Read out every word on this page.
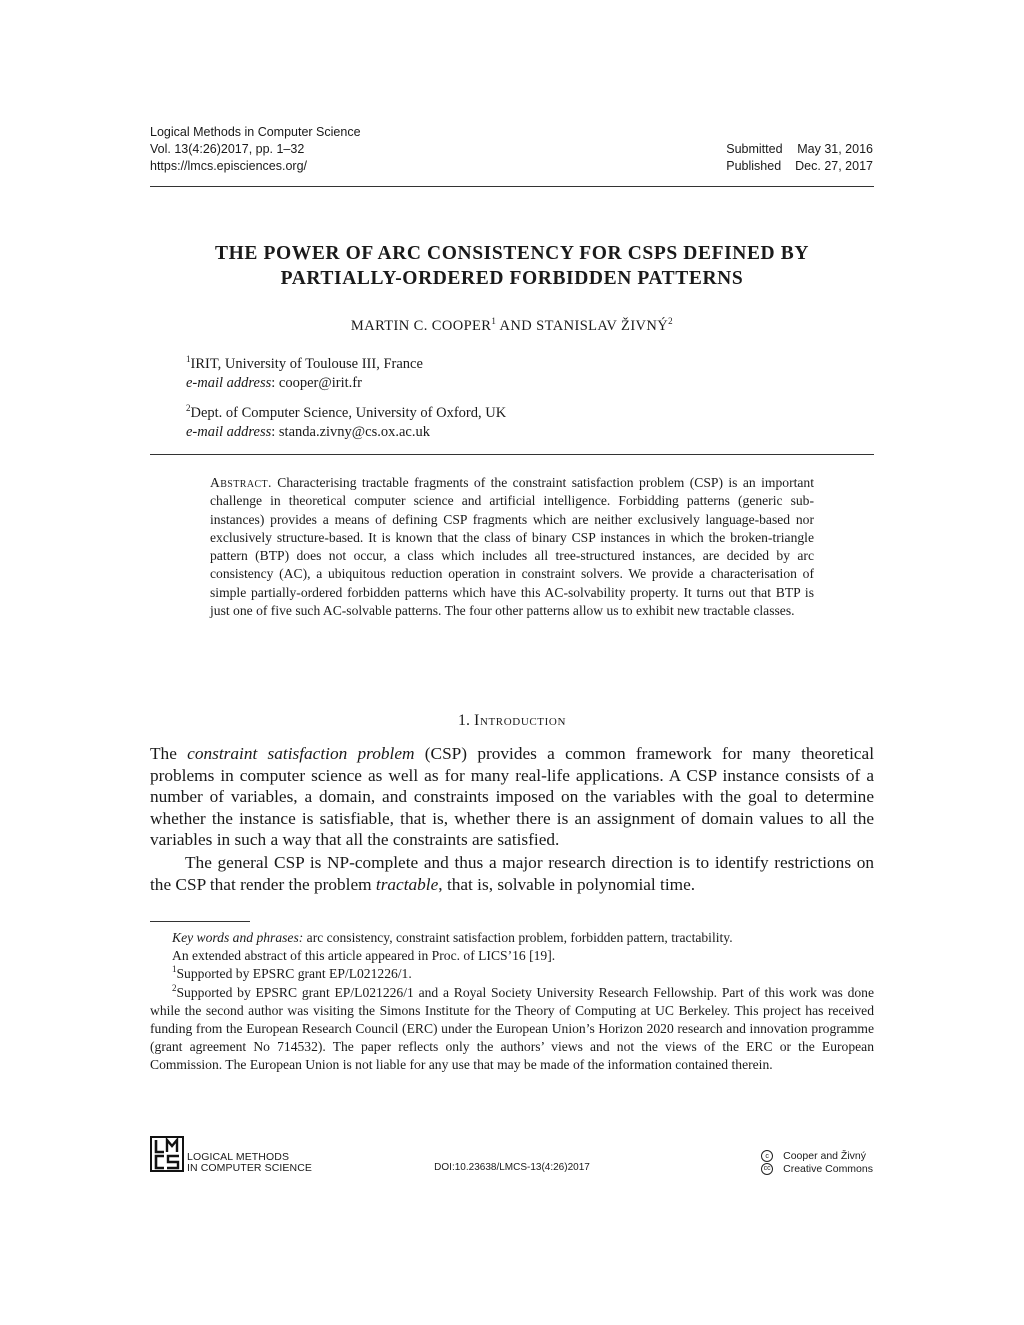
Logical Methods in Computer Science
Vol. 13(4:26)2017, pp. 1–32
https://lmcs.episciences.org/
Submitted May 31, 2016
Published Dec. 27, 2017
THE POWER OF ARC CONSISTENCY FOR CSPS DEFINED BY
PARTIALLY-ORDERED FORBIDDEN PATTERNS
MARTIN C. COOPER$^1$ AND STANISLAV ŽIVNÝ$^2$
$^1$IRIT, University of Toulouse III, France
e-mail address: cooper@irit.fr
$^2$Dept. of Computer Science, University of Oxford, UK
e-mail address: standa.zivny@cs.ox.ac.uk
Abstract. Characterising tractable fragments of the constraint satisfaction problem (CSP) is an important challenge in theoretical computer science and artificial intelligence. Forbidding patterns (generic sub-instances) provides a means of defining CSP fragments which are neither exclusively language-based nor exclusively structure-based. It is known that the class of binary CSP instances in which the broken-triangle pattern (BTP) does not occur, a class which includes all tree-structured instances, are decided by arc consistency (AC), a ubiquitous reduction operation in constraint solvers. We provide a characterisation of simple partially-ordered forbidden patterns which have this AC-solvability property. It turns out that BTP is just one of five such AC-solvable patterns. The four other patterns allow us to exhibit new tractable classes.
1. Introduction
The constraint satisfaction problem (CSP) provides a common framework for many theoretical problems in computer science as well as for many real-life applications. A CSP instance consists of a number of variables, a domain, and constraints imposed on the variables with the goal to determine whether the instance is satisfiable, that is, whether there is an assignment of domain values to all the variables in such a way that all the constraints are satisfied.
The general CSP is NP-complete and thus a major research direction is to identify restrictions on the CSP that render the problem tractable, that is, solvable in polynomial time.

Key words and phrases: arc consistency, constraint satisfaction problem, forbidden pattern, tractability.

An extended abstract of this article appeared in Proc. of LICS’16 [19].

$^1$Supported by EPSRC grant EP/L021226/1.

$^2$Supported by EPSRC grant EP/L021226/1 and a Royal Society University Research Fellowship. Part of this work was done while the second author was visiting the Simons Institute for the Theory of Computing at UC Berkeley. This project has received funding from the European Research Council (ERC) under the European Union’s Horizon 2020 research and innovation programme (grant agreement No 714532). The paper reflects only the authors’ views and not the views of the ERC or the European Commission. The European Union is not liable for any use that may be made of the information contained therein.

LOGICAL METHODS
IN COMPUTER SCIENCE	DOI:10.23638/LMCS-13(4:26)2017
c	Cooper and Živný
cc Creative Commons
